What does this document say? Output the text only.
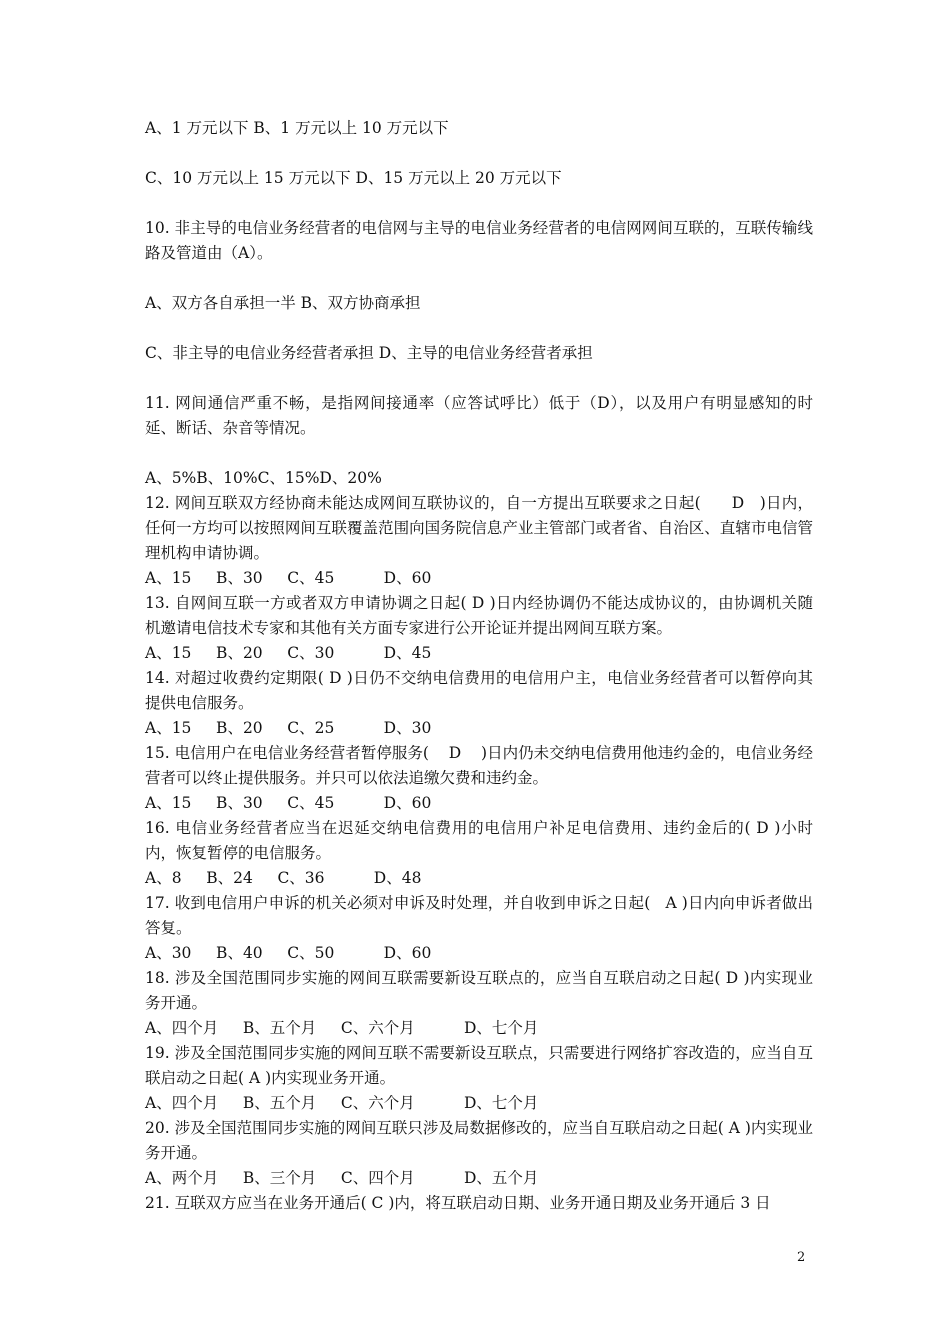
A、1 万元以下 B、1 万元以上 10 万元以下

C、10 万元以上 15 万元以下 D、15 万元以上 20 万元以下

10. 非主导的电信业务经营者的电信网与主导的电信业务经营者的电信网网间互联的，互联传输线路及管道由（A）。

A、双方各自承担一半 B、双方协商承担

C、非主导的电信业务经营者承担 D、主导的电信业务经营者承担

11. 网间通信严重不畅，是指网间接通率（应答试呼比）低于（D），以及用户有明显感知的时延、断话、杂音等情况。

A、5%B、10%C、15%D、20%

12. 网间互联双方经协商未能达成网间互联协议的，自一方提出互联要求之日起(      D   )日内，任何一方均可以按照网间互联覆盖范围向国务院信息产业主管部门或者省、自治区、直辖市电信管理机构申请协调。

A、15     B、30     C、45          D、60

13. 自网间互联一方或者双方申请协调之日起( D )日内经协调仍不能达成协议的，由协调机关随机邀请电信技术专家和其他有关方面专家进行公开论证并提出网间互联方案。

A、15     B、20     C、30          D、45

14. 对超过收费约定期限( D )日仍不交纳电信费用的电信用户主，电信业务经营者可以暂停向其提供电信服务。

A、15     B、20     C、25          D、30

15. 电信用户在电信业务经营者暂停服务(    D    )日内仍未交纳电信费用他违约金的，电信业务经营者可以终止提供服务。并只可以依法追缴欠费和违约金。

A、15     B、30     C、45          D、60

16. 电信业务经营者应当在迟延交纳电信费用的电信用户补足电信费用、违约金后的( D )小时内，恢复暂停的电信服务。

A、8     B、24     C、36          D、48

17. 收到电信用户申诉的机关必须对申诉及时处理，并自收到申诉之日起(   A )日内向申诉者做出答复。

A、30     B、40     C、50          D、60

18. 涉及全国范围同步实施的网间互联需要新设互联点的，应当自互联启动之日起( D )内实现业务开通。

A、四个月     B、五个月     C、六个月          D、七个月

19. 涉及全国范围同步实施的网间互联不需要新设互联点，只需要进行网络扩容改造的，应当自互联启动之日起( A )内实现业务开通。

A、四个月     B、五个月     C、六个月          D、七个月

20. 涉及全国范围同步实施的网间互联只涉及局数据修改的，应当自互联启动之日起( A )内实现业务开通。

A、两个月     B、三个月     C、四个月          D、五个月

21. 互联双方应当在业务开通后( C )内，将互联启动日期、业务开通日期及业务开通后 3 日

2
